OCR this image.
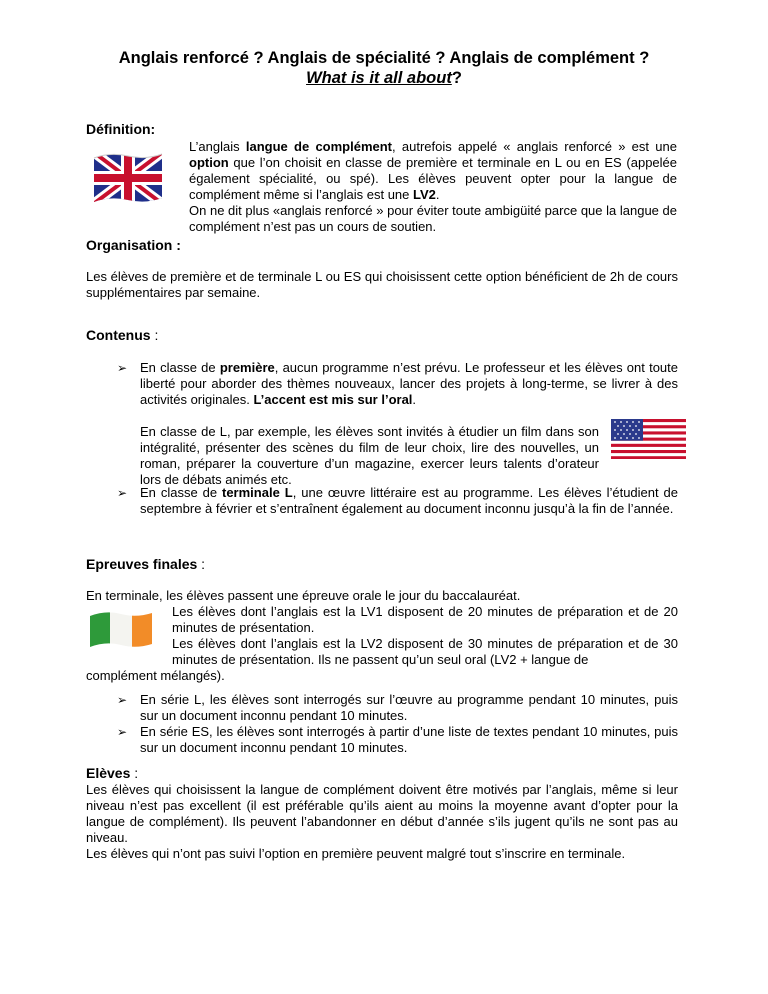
Anglais renforcé ? Anglais de spécialité ? Anglais de complément ?
What is it all about?
Définition:
L’anglais langue de complément, autrefois appelé « anglais renforcé » est une option que l’on choisit en classe de première et terminale en L ou en ES (appelée également spécialité, ou spé). Les élèves peuvent opter pour la langue de complément même si l’anglais est une LV2.
On ne dit plus «anglais renforcé » pour éviter toute ambigüité parce que la langue de complément n’est pas un cours de soutien.
Organisation :
Les élèves de première et de terminale L ou ES qui choisissent cette option bénéficient de 2h de cours supplémentaires par semaine.
Contenus :
➢ En classe de première, aucun programme n’est prévu. Le professeur et les élèves ont toute liberté pour aborder des thèmes nouveaux, lancer des projets à long-terme, se livrer à des activités originales. L’accent est mis sur l’oral.
En classe de L, par exemple, les élèves sont invités à étudier un film dans son intégralité, présenter des scènes du film de leur choix, lire des nouvelles, un roman, préparer la couverture d’un magazine, exercer leurs talents d’orateur lors de débats animés etc.
➢ En classe de terminale L, une œuvre littéraire est au programme. Les élèves l’étudient de septembre à février et s’entraînent également au document inconnu jusqu’à la fin de l’année.
Epreuves finales :
En terminale, les élèves passent une épreuve orale le jour du baccalauréat.
Les élèves dont l’anglais est la LV1 disposent de 20 minutes de préparation et de 20 minutes de présentation.
Les élèves dont l’anglais est la LV2 disposent de 30 minutes de préparation et de 30 minutes de présentation. Ils ne passent qu’un seul oral (LV2 + langue de
complément mélangés).
➢ En série L, les élèves sont interrogés sur l’œuvre au programme pendant 10 minutes, puis sur un document inconnu pendant 10 minutes.
➢ En série ES, les élèves sont interrogés à partir d’une liste de textes pendant 10 minutes, puis sur un document inconnu pendant 10 minutes.
Elèves :
Les élèves qui choisissent la langue de complément doivent être motivés par l’anglais, même si leur niveau n’est pas excellent (il est préférable qu’ils aient au moins la moyenne avant d’opter pour la langue de complément). Ils peuvent l’abandonner en début d’année s’ils jugent qu’ils ne sont pas au niveau.
Les élèves qui n’ont pas suivi l’option en première peuvent malgré tout s’inscrire en terminale.
